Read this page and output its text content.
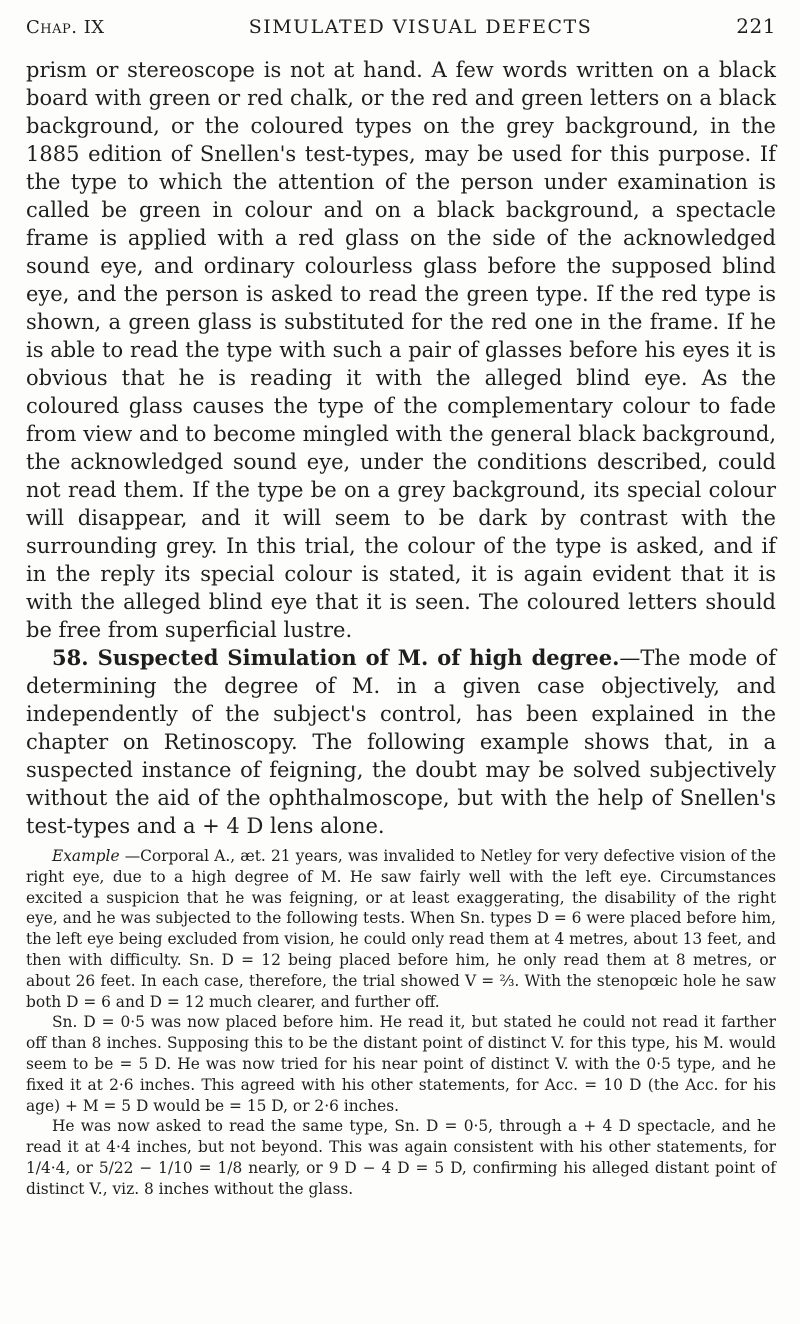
Chap. IX	SIMULATED VISUAL DEFECTS	221

prism or stereoscope is not at hand. A few words written on a black board with green or red chalk, or the red and green letters on a black background, or the coloured types on the grey background, in the 1885 edition of Snellen's test-types, may be used for this purpose. If the type to which the attention of the person under examination is called be green in colour and on a black background, a spectacle frame is applied with a red glass on the side of the acknowledged sound eye, and ordinary colourless glass before the supposed blind eye, and the person is asked to read the green type. If the red type is shown, a green glass is substituted for the red one in the frame. If he is able to read the type with such a pair of glasses before his eyes it is obvious that he is reading it with the alleged blind eye. As the coloured glass causes the type of the complementary colour to fade from view and to become mingled with the general black background, the acknowledged sound eye, under the conditions described, could not read them. If the type be on a grey background, its special colour will disappear, and it will seem to be dark by contrast with the surrounding grey. In this trial, the colour of the type is asked, and if in the reply its special colour is stated, it is again evident that it is with the alleged blind eye that it is seen. The coloured letters should be free from superficial lustre.

58. Suspected Simulation of M. of high degree.—The mode of determining the degree of M. in a given case objectively, and independently of the subject's control, has been explained in the chapter on Retinoscopy. The following example shows that, in a suspected instance of feigning, the doubt may be solved subjectively without the aid of the ophthalmoscope, but with the help of Snellen's test-types and a + 4 D lens alone.

Example —Corporal A., æt. 21 years, was invalided to Netley for very defective vision of the right eye, due to a high degree of M. He saw fairly well with the left eye. Circumstances excited a suspicion that he was feigning, or at least exaggerating, the disability of the right eye, and he was subjected to the following tests. When Sn. types D = 6 were placed before him, the left eye being excluded from vision, he could only read them at 4 metres, about 13 feet, and then with difficulty. Sn. D = 12 being placed before him, he only read them at 8 metres, or about 26 feet. In each case, therefore, the trial showed V = ⅔. With the stenopœic hole he saw both D = 6 and D = 12 much clearer, and further off.

Sn. D = 0·5 was now placed before him. He read it, but stated he could not read it farther off than 8 inches. Supposing this to be the distant point of distinct V. for this type, his M. would seem to be = 5 D. He was now tried for his near point of distinct V. with the 0·5 type, and he fixed it at 2·6 inches. This agreed with his other statements, for Acc. = 10 D (the Acc. for his age) + M = 5 D would be = 15 D, or 2·6 inches.

He was now asked to read the same type, Sn. D = 0·5, through a + 4 D spectacle, and he read it at 4·4 inches, but not beyond. This was again consistent with his other statements, for 1/4·4, or 5/22 − 1/10 = 1/8 nearly, or 9 D − 4 D = 5 D, confirming his alleged distant point of distinct V., viz. 8 inches without the glass.
